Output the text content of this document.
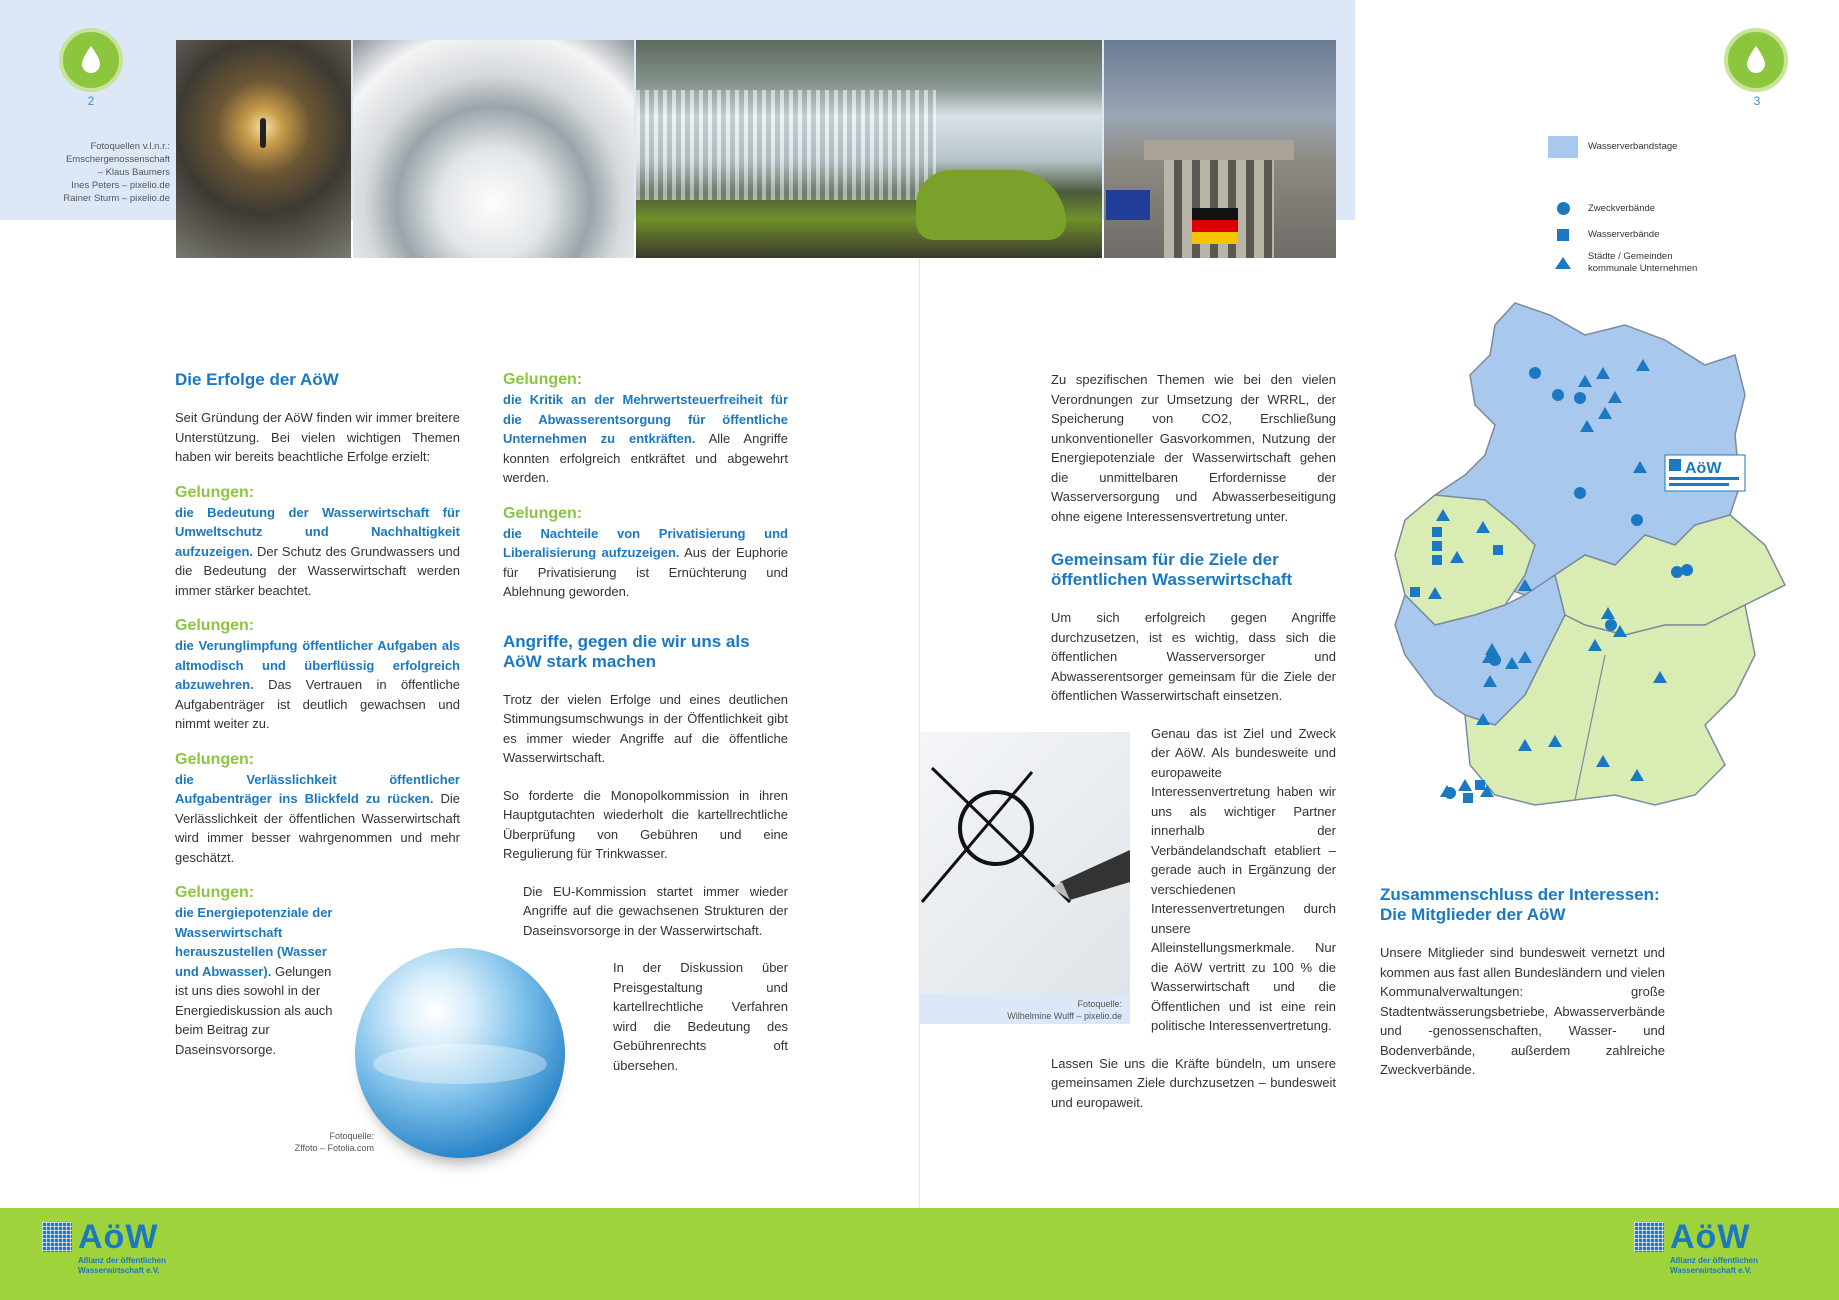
2	3
Fotoquellen v.l.n.r.:
Emschergenossenschaft
– Klaus Baumers
Ines Peters – pixelio.de
Rainer Sturm – pixelio.de
Die Erfolge der AöW
Seit Gründung der AöW finden wir immer breitere Unterstützung. Bei vielen wichtigen Themen haben wir bereits beachtliche Erfolge erzielt:
Gelungen:
die Bedeutung der Wasserwirtschaft für Umweltschutz und Nachhaltigkeit aufzuzeigen. Der Schutz des Grundwassers und die Bedeutung der Wasserwirtschaft werden immer stärker beachtet.
Gelungen:
die Verunglimpfung öffentlicher Aufgaben als altmodisch und überflüssig erfolgreich abzuwehren. Das Vertrauen in öffentliche Aufgabenträger ist deutlich gewachsen und nimmt weiter zu.
Gelungen:
die Verlässlichkeit öffentlicher Aufgabenträger ins Blickfeld zu rücken. Die Verlässlichkeit der öffentlichen Wasserwirtschaft wird immer besser wahrgenommen und mehr geschätzt.
Gelungen:
die Energiepotenziale der Wasserwirtschaft herauszustellen (Wasser und Abwasser). Gelungen ist uns dies sowohl in der Energiediskussion als auch beim Beitrag zur Daseinsvorsorge.
Fotoquelle:
Zffoto – Fotolia.com
Gelungen:
die Kritik an der Mehrwertsteuerfreiheit für die Abwasserentsorgung für öffentliche Unternehmen zu entkräften. Alle Angriffe konnten erfolgreich entkräftet und abgewehrt werden.
Gelungen:
die Nachteile von Privatisierung und Liberalisierung aufzuzeigen. Aus der Euphorie für Privatisierung ist Ernüchterung und Ablehnung geworden.
Angriffe, gegen die wir uns als AöW stark machen
Trotz der vielen Erfolge und eines deutlichen Stimmungsumschwungs in der Öffentlichkeit gibt es immer wieder Angriffe auf die öffentliche Wasserwirtschaft.
So forderte die Monopolkommission in ihren Hauptgutachten wiederholt die kartellrechtliche Überprüfung von Gebühren und eine Regulierung für Trinkwasser.
Die EU-Kommission startet immer wieder Angriffe auf die gewachsenen Strukturen der Daseinsvorsorge in der Wasserwirtschaft.
In der Diskussion über Preisgestaltung und kartellrechtliche Verfahren wird die Bedeutung des Gebührenrechts oft übersehen.
Zu spezifischen Themen wie bei den vielen Verordnungen zur Umsetzung der WRRL, der Speicherung von CO2, Erschließung unkonventioneller Gasvorkommen, Nutzung der Energiepotenziale der Wasserwirtschaft gehen die unmittelbaren Erfordernisse der Wasserversorgung und Abwasserbeseitigung ohne eigene Interessensvertretung unter.
Gemeinsam für die Ziele der öffentlichen Wasserwirtschaft
Um sich erfolgreich gegen Angriffe durchzusetzen, ist es wichtig, dass sich die öffentlichen Wasserversorger und Abwasserentsorger gemeinsam für die Ziele der öffentlichen Wasserwirtschaft einsetzen.
Genau das ist Ziel und Zweck der AöW. Als bundesweite und europaweite Interessenvertretung haben wir uns als wichtiger Partner innerhalb der Verbändelandschaft etabliert – gerade auch in Ergänzung der verschiedenen Interessenvertretungen durch unsere Alleinstellungsmerkmale. Nur die AöW vertritt zu 100 % die Wasserwirtschaft und die Öffentlichen und ist eine rein politische Interessenvertretung.
Lassen Sie uns die Kräfte bündeln, um unsere gemeinsamen Ziele durchzusetzen – bundesweit und europaweit.
Fotoquelle:
Wilhelmine Wulff – pixelio.de
Wasserverbandstage
Zweckverbände
Wasserverbände
Städte / Gemeinden
kommunale Unternehmen
AöW
Zusammenschluss der Interessen: Die Mitglieder der AöW
Unsere Mitglieder sind bundesweit vernetzt und kommen aus fast allen Bundesländern und vielen Kommunalverwaltungen: große Stadtentwässerungsbetriebe, Abwasserverbände und -genossenschaften, Wasser- und Bodenverbände, außerdem zahlreiche Zweckverbände.
AöW
Allianz der öffentlichen
Wasserwirtschaft e.V.
AöW
Allianz der öffentlichen
Wasserwirtschaft e.V.
